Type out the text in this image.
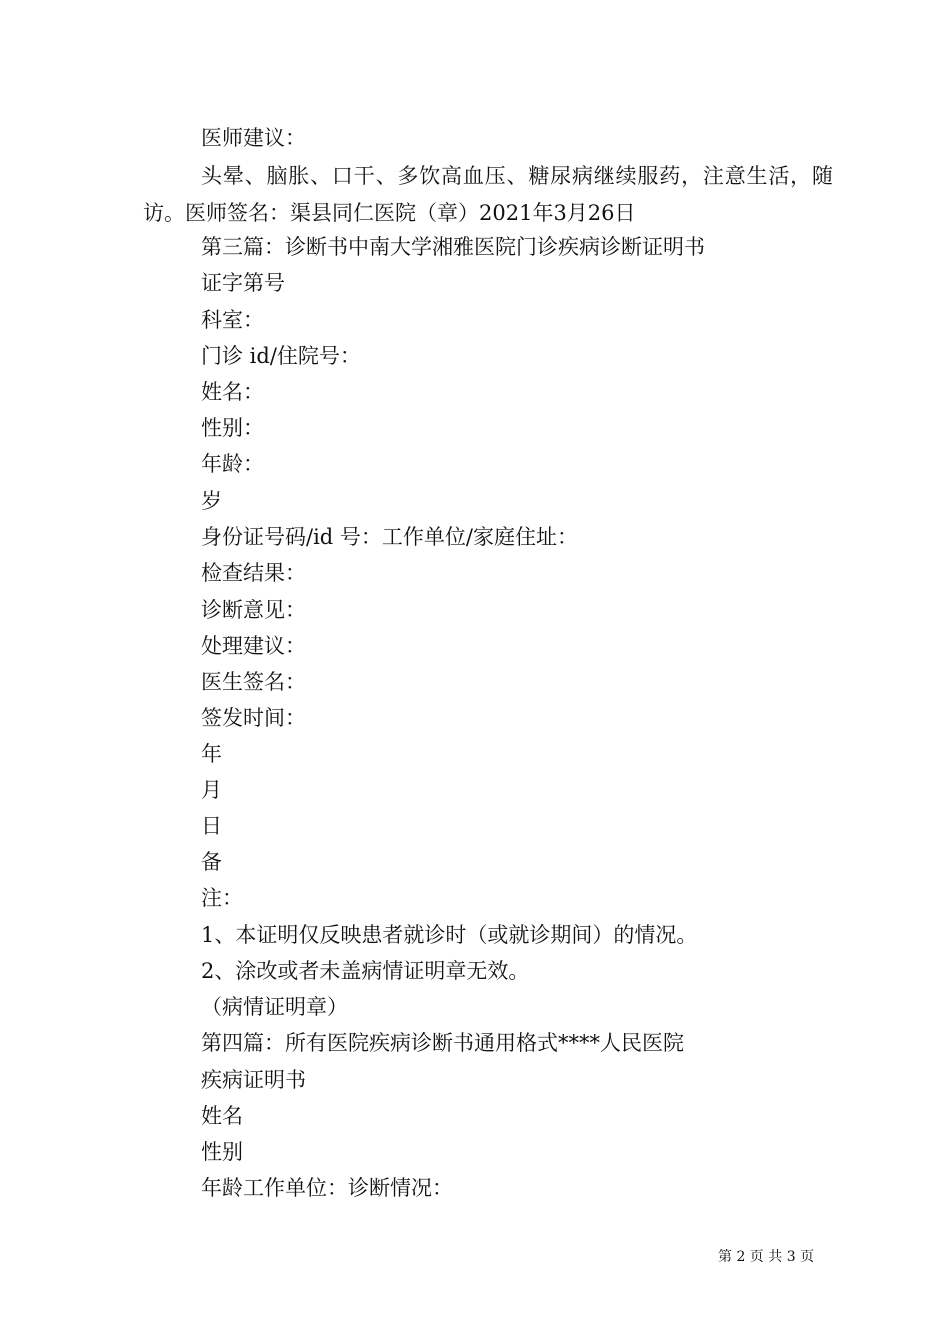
医师建议：
头晕、脑胀、口干、多饮高血压、糖尿病继续服药，注意生活，随访。医师签名：渠县同仁医院（章）2021年3月26日
第三篇：诊断书中南大学湘雅医院门诊疾病诊断证明书
证字第号
科室：
门诊 id/住院号：
姓名：
性别：
年龄：
岁
身份证号码/id 号：工作单位/家庭住址：
检查结果：
诊断意见：
处理建议：
医生签名：
签发时间：
年
月
日
备
注：
1、本证明仅反映患者就诊时（或就诊期间）的情况。
2、涂改或者未盖病情证明章无效。
（病情证明章）
第四篇：所有医院疾病诊断书通用格式****人民医院
疾病证明书
姓名
性别
年龄工作单位：诊断情况：
第 2 页 共 3 页
